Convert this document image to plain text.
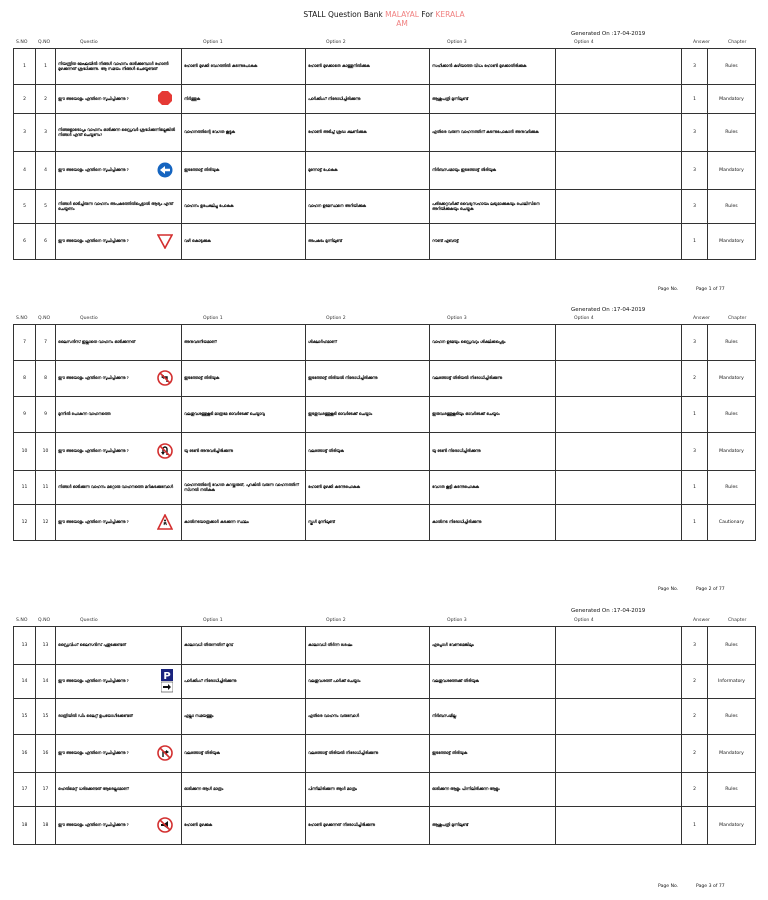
STALL Question Bank MALAYAL
AM For KERALA
Generated On :17-04-2019
S.NO Q.NO	Questio	Option 1	Option 2	Option 3	Option 4	Answer	Chapter
1	1	നിയന്ത്രിത മേഖലയിൽ നിങ്ങൾ വാഹനം ഓടിക്കുമ്പോൾ ഹോൺ മുഴക്കുന്നത് ശ്രദ്ധിക്കുന്നു. ആ സമയം നിങ്ങൾ ചെയ്യേണ്ടത്	ഹോൺ മുഴക്കി വേഗത്തിൽ കടന്നുപോകുക	ഹോൺ മുഴക്കാതെ കാത്തുനിൽക്കുക	സഹിക്കാൻ കഴിയാത്ത വിധം ഹോൺ മുഴക്കാതിരിക്കുക		3	Rules
2	2	ഈ അടയാളം എന്തിനെ സൂചിപ്പിക്കുന്നു ?	നിർത്തുക	പാർക്കിംഗ് നിരോധിച്ചിരിക്കുന്നു	ആശുപത്രി മുന്നിലുണ്ട്		1	Mandatory
3	3	നിങ്ങളോടൊപ്പം വാഹനം ഓടിക്കുന്ന ഡ്രൈവർ ശ്രദ്ധിക്കുന്നില്ലെങ്കിൽ നിങ്ങൾ എന്ത് ചെയ്യണം?	വാഹനത്തിന്റെ വേഗത കൂട്ടുക	ഹോൺ അടിച്ച് ശ്രദ്ധ ക്ഷണിക്കുക	എതിരെ വരുന്ന വാഹനത്തിന് കടന്നുപോകാൻ അനുവദിക്കുക		3	Rules
4	4	ഈ അടയാളം എന്തിനെ സൂചിപ്പിക്കുന്നു ?	ഇടത്തോട്ട് തിരിയുക	മുന്നോട്ട് പോകുക	നിർബന്ധമായും ഇടത്തോട്ട് തിരിയുക		3	Mandatory
5	5	നിങ്ങൾ ഓടിച്ചിരുന്ന വാഹനം അപകടത്തിൽപ്പെട്ടാൽ ആദ്യം എന്ത് ചെയ്യണം	വാഹനം ഉപേക്ഷിച്ചു പോകുക	വാഹന ഉടമസ്ഥനെ അറിയിക്കുക	പരിക്കേറ്റവർക്ക് വൈദ്യസഹായം ലഭ്യമാക്കുകയും പോലീസിനെ അറിയിക്കുകയും ചെയ്യുക		3	Rules
6	6	ഈ അടയാളം എന്തിനെ സൂചിപ്പിക്കുന്നു ?	വഴി കൊടുക്കുക	അപകടം മുന്നിലുണ്ട്	റൗണ്ട് എബൗട്ട്		1	Mandatory
Page No.	Page 1 of 77
Generated On :17-04-2019
S.NO Q.NO	Questio	Option 1	Option 2	Option 3	Option 4	Answer	Chapter
7	7	ലൈസൻസ് ഇല്ലാതെ വാഹനം ഓടിക്കുന്നത്	അനുവദനീയമാണ്	ശിക്ഷാർഹമാണ്	വാഹന ഉടമയും ഡ്രൈവറും ശിക്ഷിക്കപ്പെടും		3	Rules
8	8	ഈ അടയാളം എന്തിനെ സൂചിപ്പിക്കുന്നു ?	ഇടത്തോട്ട് തിരിയുക	ഇടത്തോട്ട് തിരിയൽ നിരോധിച്ചിരിക്കുന്നു	വലത്തോട്ട് തിരിയൽ നിരോധിച്ചിരിക്കുന്നു		2	Mandatory
9	9	മുന്നിൽ പോകുന്ന വാഹനത്തെ	വലതുവശത്തുകൂടി മാത്രമേ ഓവർടേക്ക് ചെയ്യാവൂ	ഇടതുവശത്തുകൂടി ഓവർടേക്ക് ചെയ്യാം	ഇരുവശത്തുകൂടിയും ഓവർടേക്ക് ചെയ്യാം		1	Rules
10	10	ഈ അടയാളം എന്തിനെ സൂചിപ്പിക്കുന്നു ?	യു ടേൺ അനുവദിച്ചിരിക്കുന്നു	വലത്തോട്ട് തിരിയുക	യു ടേൺ നിരോധിച്ചിരിക്കുന്നു		3	Mandatory
11	11	നിങ്ങൾ ഓടിക്കുന്ന വാഹനം മറ്റൊരു വാഹനത്തെ മറികടക്കുമ്പോൾ	വാഹനത്തിന്റെ വേഗത കുറയ്ക്കരുത്, പുറകിൽ വരുന്ന വാഹനത്തിന് സിഗ്നൽ നൽകുക	ഹോൺ മുഴക്കി കടന്നുപോകുക	വേഗത കൂട്ടി കടന്നുപോകുക		1	Rules
12	12	ഈ അടയാളം എന്തിനെ സൂചിപ്പിക്കുന്നു ?	കാൽനടയാത്രക്കാർ കടക്കുന്ന സ്ഥലം	സ്കൂൾ മുന്നിലുണ്ട്	കാൽനട നിരോധിച്ചിരിക്കുന്നു		1	Cautionary
Page No.	Page 2 of 77
Generated On :17-04-2019
S.NO Q.NO	Questio	Option 1	Option 2	Option 3	Option 4	Answer	Chapter
13	13	ഡ്രൈവിംഗ് ലൈസൻസ് പുതുക്കേണ്ടത്	കാലാവധി തീരുന്നതിന് മുമ്പ്	കാലാവധി തീർന്ന ശേഷം	എപ്പോൾ വേണമെങ്കിലും		3	Rules
14	14	ഈ അടയാളം എന്തിനെ സൂചിപ്പിക്കുന്നു ? P	പാർക്കിംഗ് നിരോധിച്ചിരിക്കുന്നു	വലതുവശത്ത് പാർക്ക് ചെയ്യാം	വലതുവശത്തേക്ക് തിരിയുക		2	Informatory
15	15	രാത്രിയിൽ ഡിം ലൈറ്റ് ഉപയോഗിക്കേണ്ടത്	എല്ലാ സമയത്തും	എതിരെ വാഹനം വരുമ്പോൾ	നിർബന്ധമില്ല		2	Rules
16	16	ഈ അടയാളം എന്തിനെ സൂചിപ്പിക്കുന്നു ?	വലത്തോട്ട് തിരിയുക	വലത്തോട്ട് തിരിയൽ നിരോധിച്ചിരിക്കുന്നു	ഇടത്തോട്ട് തിരിയുക		2	Mandatory
17	17	ഹെൽമെറ്റ് ധരിക്കേണ്ടത് ആരെല്ലാമാണ്	ഓടിക്കുന്ന ആൾ മാത്രം	പിന്നിലിരിക്കുന്ന ആൾ മാത്രം	ഓടിക്കുന്ന ആളും പിന്നിലിരിക്കുന്ന ആളും		2	Rules
18	18	ഈ അടയാളം എന്തിനെ സൂചിപ്പിക്കുന്നു ?	ഹോൺ മുഴക്കുക	ഹോൺ മുഴക്കുന്നത് നിരോധിച്ചിരിക്കുന്നു	ആശുപത്രി മുന്നിലുണ്ട്		1	Mandatory
Page No.	Page 3 of 77
